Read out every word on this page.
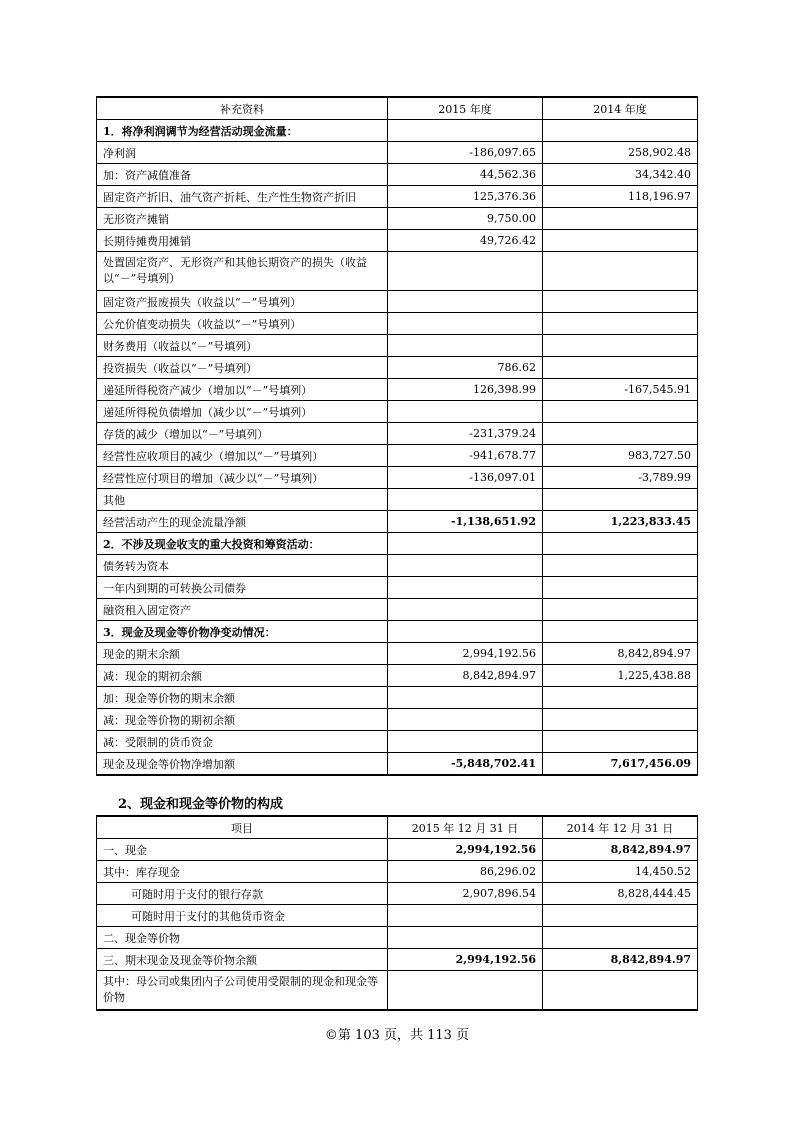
补充资料	2015 年度	2014 年度
1．将净利润调节为经营活动现金流量：		
净利润	-186,097.65	258,902.48
加：资产减值准备	44,562.36	34,342.40
固定资产折旧、油气资产折耗、生产性生物资产折旧	125,376.36	118,196.97
无形资产摊销	9,750.00	
长期待摊费用摊销	49,726.42	
处置固定资产、无形资产和其他长期资产的损失（收益以“－”号填列）		
固定资产报废损失（收益以“－”号填列）		
公允价值变动损失（收益以“－”号填列）		
财务费用（收益以“－”号填列）		
投资损失（收益以“－”号填列）	786.62	
递延所得税资产减少（增加以“－”号填列）	126,398.99	-167,545.91
递延所得税负债增加（减少以“－”号填列）		
存货的减少（增加以“－”号填列）	-231,379.24	
经营性应收项目的减少（增加以“－”号填列）	-941,678.77	983,727.50
经营性应付项目的增加（减少以“－”号填列）	-136,097.01	-3,789.99
其他		
经营活动产生的现金流量净额	-1,138,651.92	1,223,833.45
2．不涉及现金收支的重大投资和筹资活动：		
债务转为资本		
一年内到期的可转换公司债券		
融资租入固定资产		
3．现金及现金等价物净变动情况：		
现金的期末余额	2,994,192.56	8,842,894.97
减：现金的期初余额	8,842,894.97	1,225,438.88
加：现金等价物的期末余额		
减：现金等价物的期初余额		
减：受限制的货币资金		
现金及现金等价物净增加额	-5,848,702.41	7,617,456.09
2、现金和现金等价物的构成
项目	2015 年 12 月 31 日	2014 年 12 月 31 日
一、现金	2,994,192.56	8,842,894.97
其中：库存现金	86,296.02	14,450.52
可随时用于支付的银行存款	2,907,896.54	8,828,444.45
可随时用于支付的其他货币资金		
二、现金等价物		
三、期末现金及现金等价物余额	2,994,192.56	8,842,894.97
其中：母公司或集团内子公司使用受限制的现金和现金等价物		
©第 103 页，共 113 页
